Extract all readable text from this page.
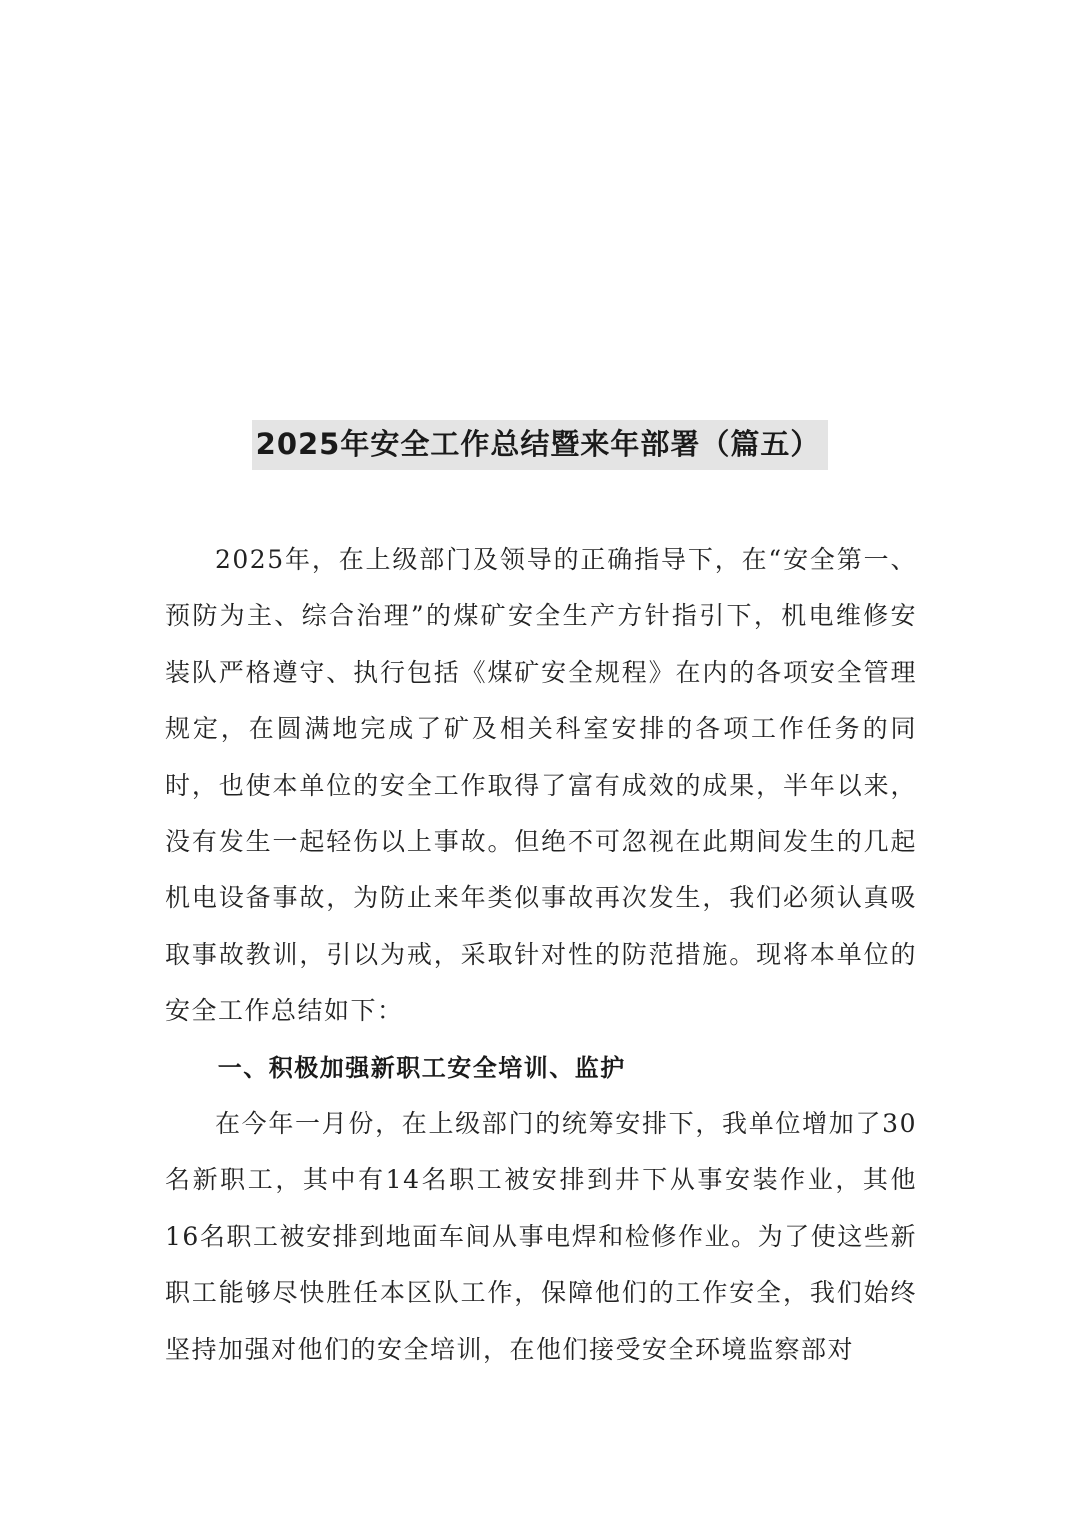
2025年安全工作总结暨来年部署（篇五）

2025年，在上级部门及领导的正确指导下，在“安全第一、预防为主、综合治理”的煤矿安全生产方针指引下，机电维修安装队严格遵守、执行包括《煤矿安全规程》在内的各项安全管理规定，在圆满地完成了矿及相关科室安排的各项工作任务的同时，也使本单位的安全工作取得了富有成效的成果，半年以来，没有发生一起轻伤以上事故。但绝不可忽视在此期间发生的几起机电设备事故，为防止来年类似事故再次发生，我们必须认真吸取事故教训，引以为戒，采取针对性的防范措施。现将本单位的安全工作总结如下：

一、积极加强新职工安全培训、监护

在今年一月份，在上级部门的统筹安排下，我单位增加了30名新职工，其中有14名职工被安排到井下从事安装作业，其他16名职工被安排到地面车间从事电焊和检修作业。为了使这些新职工能够尽快胜任本区队工作，保障他们的工作安全，我们始终坚持加强对他们的安全培训，在他们接受安全环境监察部对
